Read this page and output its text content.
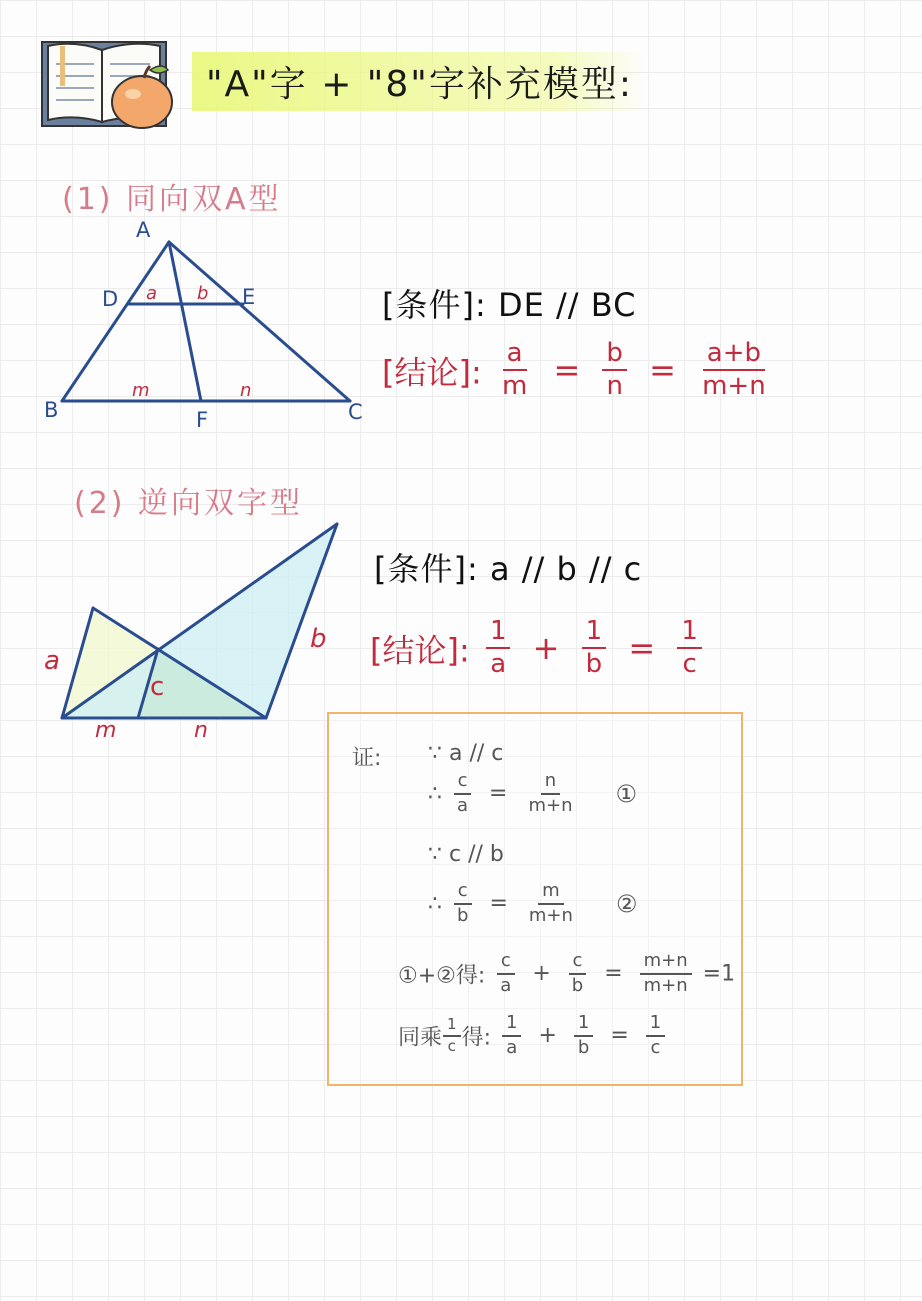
"A"字 + "8"字补充模型:
(1) 同向双A型
A
D	E
B	C
F
a b
m	n
[条件]: DE // BC
[结论]: $\frac{a}{m} = \frac{b}{n} = \frac{a+b}{m+n}$
(2) 逆向双字型
a
b
c
m	n
[条件]: a // b // c
[结论]: $\frac{1}{a} + \frac{1}{b} = \frac{1}{c}$
证: ∵ a // c
∴ $\frac{c}{a} = \frac{n}{m+n}$ ①
∵ c // b
∴ $\frac{c}{b} = \frac{m}{m+n}$ ②
①+②得: $\frac{c}{a} + \frac{c}{b} = \frac{m+n}{m+n} =1$
同乘 $\frac{1}{c}$ 得: $\frac{1}{a} + \frac{1}{b} = \frac{1}{c}$
